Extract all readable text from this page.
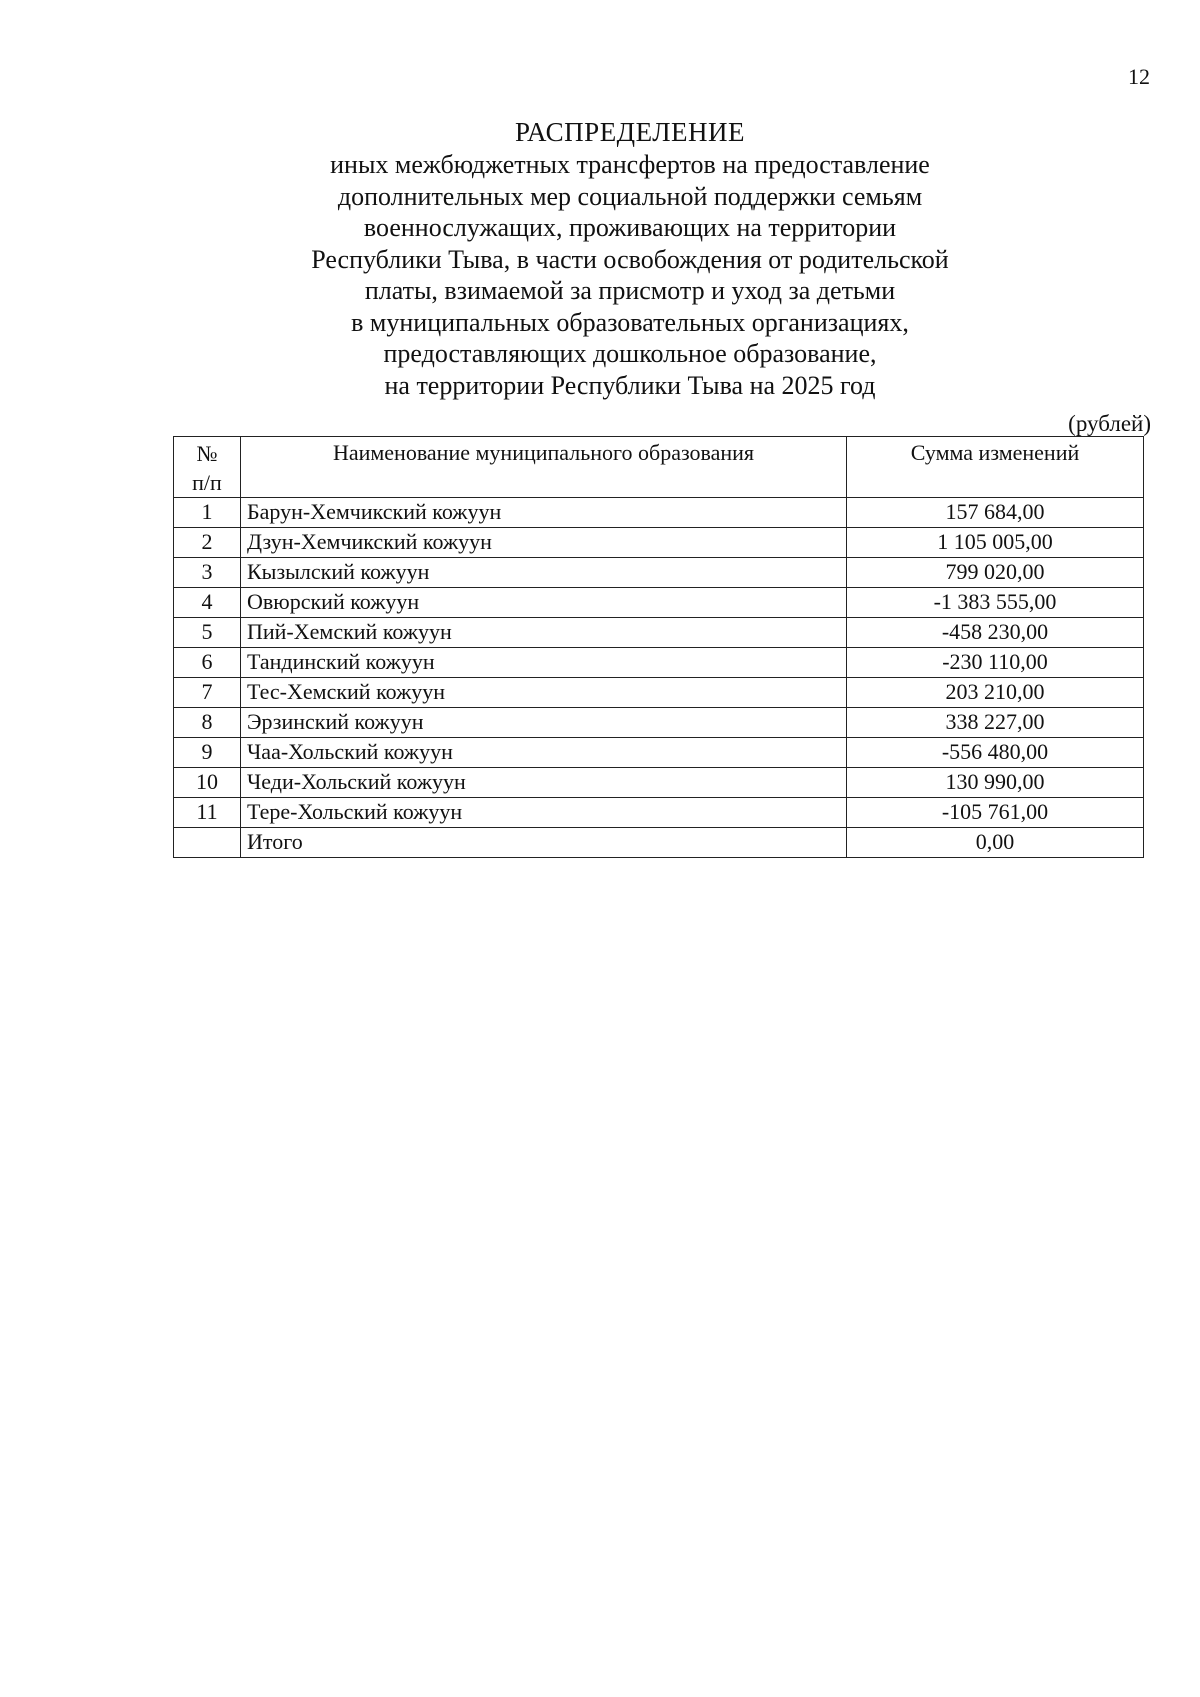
12
РАСПРЕДЕЛЕНИЕ
иных межбюджетных трансфертов на предоставление
дополнительных мер социальной поддержки семьям
военнослужащих, проживающих на территории
Республики Тыва, в части освобождения от родительской
платы, взимаемой за присмотр и уход за детьми
в муниципальных образовательных организациях,
предоставляющих дошкольное образование,
на территории Республики Тыва на 2025 год
(рублей)
№
п/п	Наименование муниципального образования	Сумма изменений
1	Барун-Хемчикский кожуун	157 684,00
2	Дзун-Хемчикский кожуун	1 105 005,00
3	Кызылский кожуун	799 020,00
4	Овюрский кожуун	-1 383 555,00
5	Пий-Хемский кожуун	-458 230,00
6	Тандинский кожуун	-230 110,00
7	Тес-Хемский кожуун	203 210,00
8	Эрзинский кожуун	338 227,00
9	Чаа-Хольский кожуун	-556 480,00
10	Чеди-Хольский кожуун	130 990,00
11	Тере-Хольский кожуун	-105 761,00
	Итого	0,00
